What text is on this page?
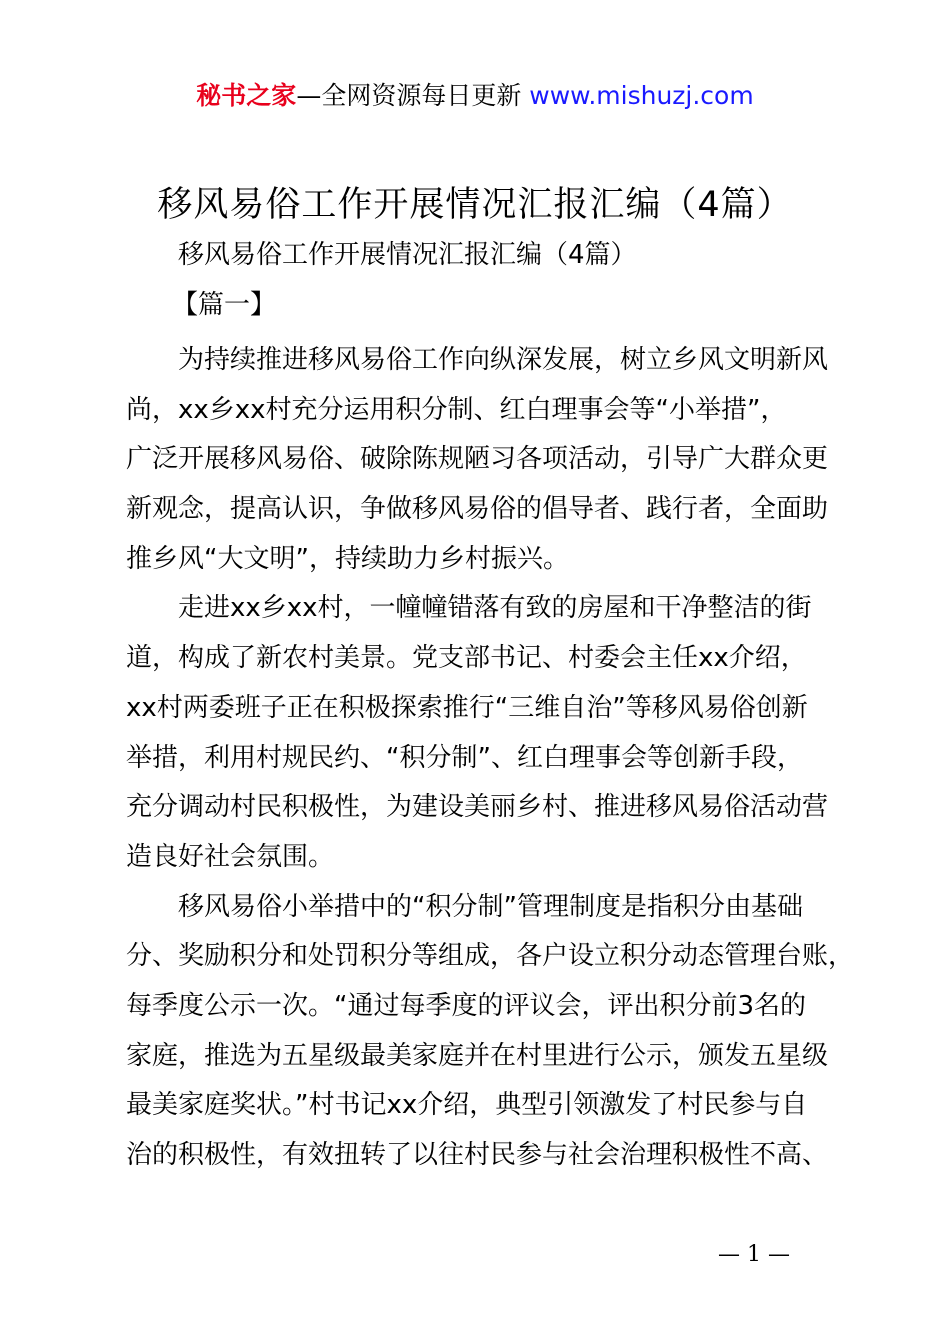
秘书之家—全网资源每日更新 www.mishuzj.com
移风易俗工作开展情况汇报汇编（4篇）
移风易俗工作开展情况汇报汇编（4篇）
【篇一】
为持续推进移风易俗工作向纵深发展，树立乡风文明新风
尚，xx乡xx村充分运用积分制、红白理事会等“小举措”，
广泛开展移风易俗、破除陈规陋习各项活动，引导广大群众更
新观念，提高认识，争做移风易俗的倡导者、践行者，全面助
推乡风“大文明”，持续助力乡村振兴。
走进xx乡xx村，一幢幢错落有致的房屋和干净整洁的街
道，构成了新农村美景。党支部书记、村委会主任xx介绍，
xx村两委班子正在积极探索推行“三维自治”等移风易俗创新
举措，利用村规民约、“积分制”、红白理事会等创新手段，
充分调动村民积极性，为建设美丽乡村、推进移风易俗活动营
造良好社会氛围。
移风易俗小举措中的“积分制”管理制度是指积分由基础
分、奖励积分和处罚积分等组成，各户设立积分动态管理台账，
每季度公示一次。“通过每季度的评议会，评出积分前3名的
家庭，推选为五星级最美家庭并在村里进行公示，颁发五星级
最美家庭奖状。”村书记xx介绍，典型引领激发了村民参与自
治的积极性，有效扭转了以往村民参与社会治理积极性不高、
— 1 —
